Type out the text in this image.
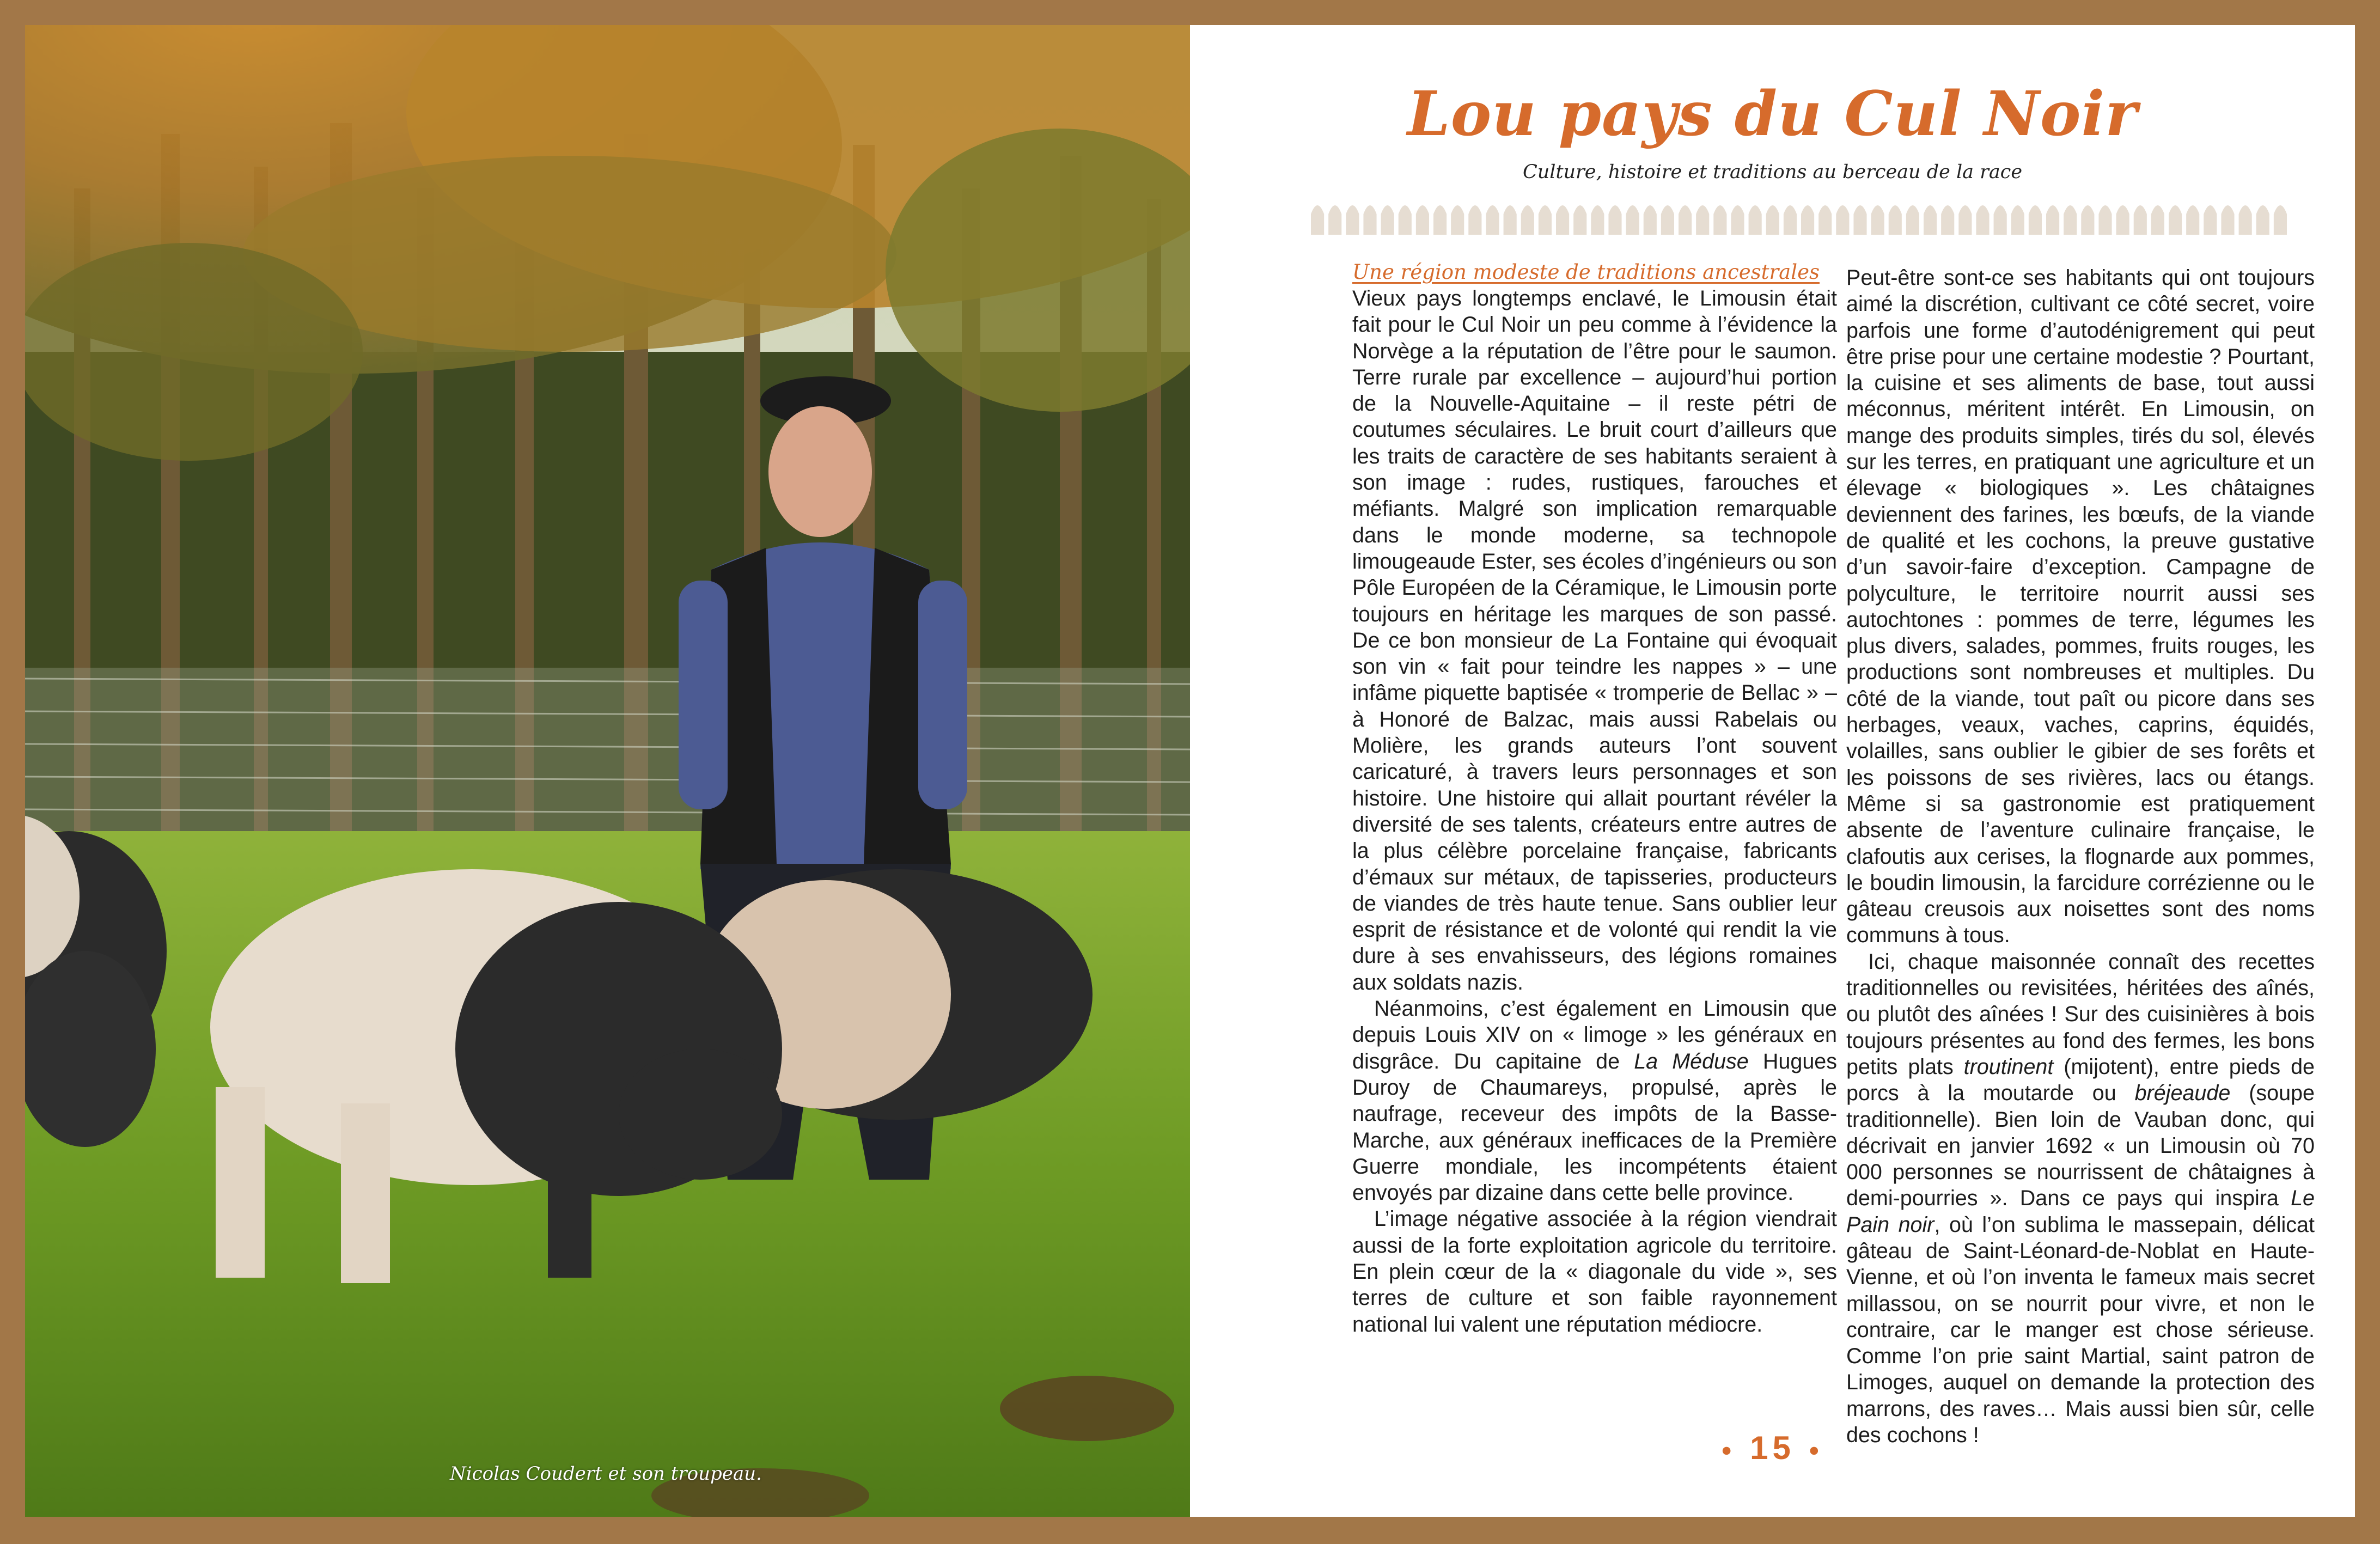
Nicolas Coudert et son troupeau.
Lou pays du Cul Noir
Culture, histoire et traditions au berceau de la race
Une région modeste de traditions ancestrales

Vieux pays longtemps enclavé, le Limousin était fait pour le Cul Noir un peu comme à l’évidence la Norvège a la réputation de l’être pour le saumon. Terre rurale par excellence – aujourd’hui portion de la Nouvelle-Aquitaine – il reste pétri de coutumes séculaires. Le bruit court d’ailleurs que les traits de caractère de ses habitants seraient à son image : rudes, rustiques, farouches et méfiants. Malgré son implication remarquable dans le monde moderne, sa technopole limougeaude Ester, ses écoles d’ingénieurs ou son Pôle Européen de la Céramique, le Limousin porte toujours en héritage les marques de son passé. De ce bon monsieur de La Fontaine qui évoquait son vin « fait pour teindre les nappes » – une infâme piquette baptisée « tromperie de Bellac » – à Honoré de Balzac, mais aussi Rabelais ou Molière, les grands auteurs l’ont souvent caricaturé, à travers leurs personnages et son histoire. Une histoire qui allait pourtant révéler la diversité de ses talents, créateurs entre autres de la plus célèbre porcelaine française, fabricants d’émaux sur métaux, de tapisseries, producteurs de viandes de très haute tenue. Sans oublier leur esprit de résistance et de volonté qui rendit la vie dure à ses envahisseurs, des légions romaines aux soldats nazis.

Néanmoins, c’est également en Limousin que depuis Louis XIV on « limoge » les généraux en disgrâce. Du capitaine de La Méduse Hugues Duroy de Chaumareys, propulsé, après le naufrage, receveur des impôts de la Basse-Marche, aux généraux inefficaces de la Première Guerre mondiale, les incompétents étaient envoyés par dizaine dans cette belle province.

L’image négative associée à la région viendrait aussi de la forte exploitation agricole du territoire. En plein cœur de la « diagonale du vide », ses terres de culture et son faible rayonnement national lui valent une réputation médiocre.

Peut-être sont-ce ses habitants qui ont toujours aimé la discrétion, cultivant ce côté secret, voire parfois une forme d’autodénigrement qui peut être prise pour une certaine modestie ? Pourtant, la cuisine et ses aliments de base, tout aussi méconnus, méritent intérêt. En Limousin, on mange des produits simples, tirés du sol, élevés sur les terres, en pratiquant une agriculture et un élevage « biologiques ». Les châtaignes deviennent des farines, les bœufs, de la viande de qualité et les cochons, la preuve gustative d’un savoir-faire d’exception. Campagne de polyculture, le territoire nourrit aussi ses autochtones : pommes de terre, légumes les plus divers, salades, pommes, fruits rouges, les productions sont nombreuses et multiples. Du côté de la viande, tout paît ou picore dans ses herbages, veaux, vaches, caprins, équidés, volailles, sans oublier le gibier de ses forêts et les poissons de ses rivières, lacs ou étangs. Même si sa gastronomie est pratiquement absente de l’aventure culinaire française, le clafoutis aux cerises, la flognarde aux pommes, le boudin limousin, la farcidure corrézienne ou le gâteau creusois aux noisettes sont des noms communs à tous.

Ici, chaque maisonnée connaît des recettes traditionnelles ou revisitées, héritées des aînés, ou plutôt des aînées ! Sur des cuisinières à bois toujours présentes au fond des fermes, les bons petits plats troutinent (mijotent), entre pieds de porcs à la moutarde ou bréjeaude (soupe traditionnelle). Bien loin de Vauban donc, qui décrivait en janvier 1692 « un Limousin où 70 000 personnes se nourrissent de châtaignes à demi-pourries ». Dans ce pays qui inspira Le Pain noir, où l’on sublima le massepain, délicat gâteau de Saint-Léonard-de-Noblat en Haute-Vienne, et où l’on inventa le fameux mais secret millassou, on se nourrit pour vivre, et non le contraire, car le manger est chose sérieuse. Comme l’on prie saint Martial, saint patron de Limoges, auquel on demande la protection des marrons, des raves… Mais aussi bien sûr, celle des cochons !

● 15 ●
